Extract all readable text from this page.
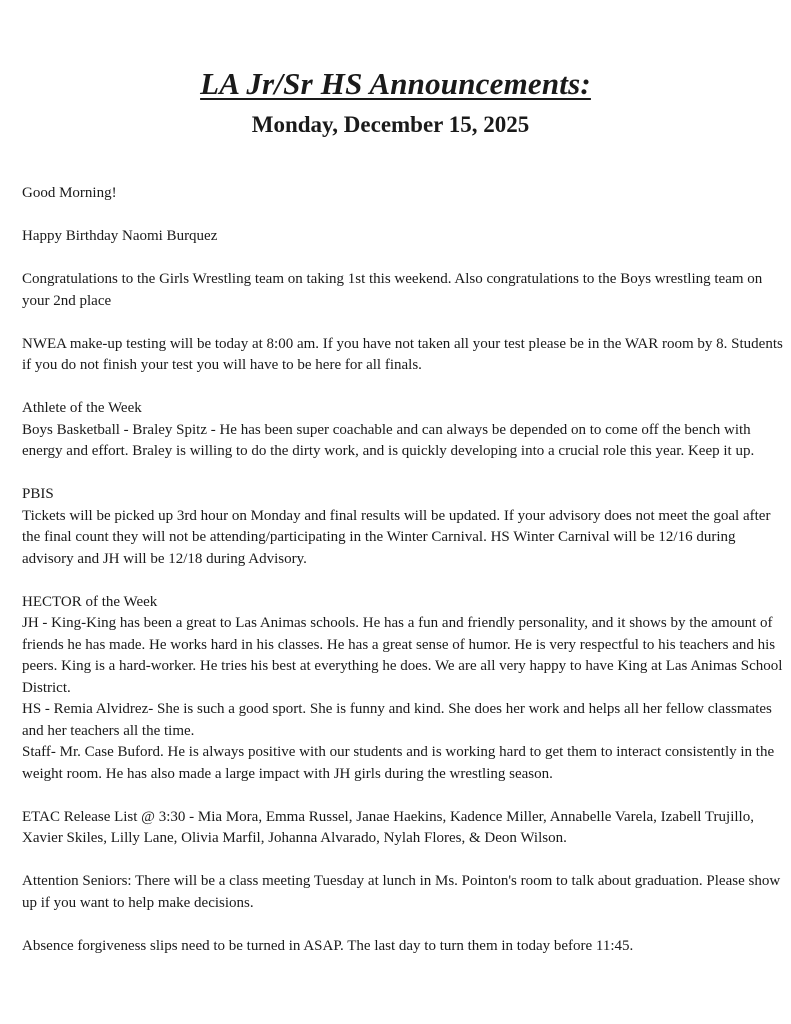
LA Jr/Sr HS Announcements:
Monday, December 15, 2025

Good Morning!

Happy Birthday Naomi Burquez

Congratulations to the Girls Wrestling team on taking 1st this weekend. Also congratulations to the Boys wrestling team on your 2nd place

NWEA make-up testing will be today at 8:00 am. If you have not taken all your test please be in the WAR room by 8. Students if you do not finish your test you will have to be here for all finals.

Athlete of the Week

Boys Basketball - Braley Spitz - He has been super coachable and can always be depended on to come off the bench with energy and effort. Braley is willing to do the dirty work, and is quickly developing into a crucial role this year. Keep it up.

PBIS

Tickets will be picked up 3rd hour on Monday and final results will be updated. If your advisory does not meet the goal after the final count they will not be attending/participating in the Winter Carnival. HS Winter Carnival will be 12/16 during advisory and JH will be 12/18 during Advisory.

HECTOR of the Week

JH - King-King has been a great to Las Animas schools. He has a fun and friendly personality, and it shows by the amount of friends he has made. He works hard in his classes. He has a great sense of humor. He is very respectful to his teachers and his peers. King is a hard-worker. He tries his best at everything he does. We are all very happy to have King at Las Animas School District.

HS - Remia Alvidrez- She is such a good sport. She is funny and kind. She does her work and helps all her fellow classmates and her teachers all the time.

Staff- Mr. Case Buford. He is always positive with our students and is working hard to get them to interact consistently in the weight room. He has also made a large impact with JH girls during the wrestling season.

ETAC Release List @ 3:30 - Mia Mora, Emma Russel, Janae Haekins, Kadence Miller, Annabelle Varela, Izabell Trujillo, Xavier Skiles, Lilly Lane, Olivia Marfil, Johanna Alvarado, Nylah Flores, & Deon Wilson.

Attention Seniors: There will be a class meeting Tuesday at lunch in Ms. Pointon's room to talk about graduation. Please show up if you want to help make decisions.

Absence forgiveness slips need to be turned in ASAP. The last day to turn them in today before 11:45.
